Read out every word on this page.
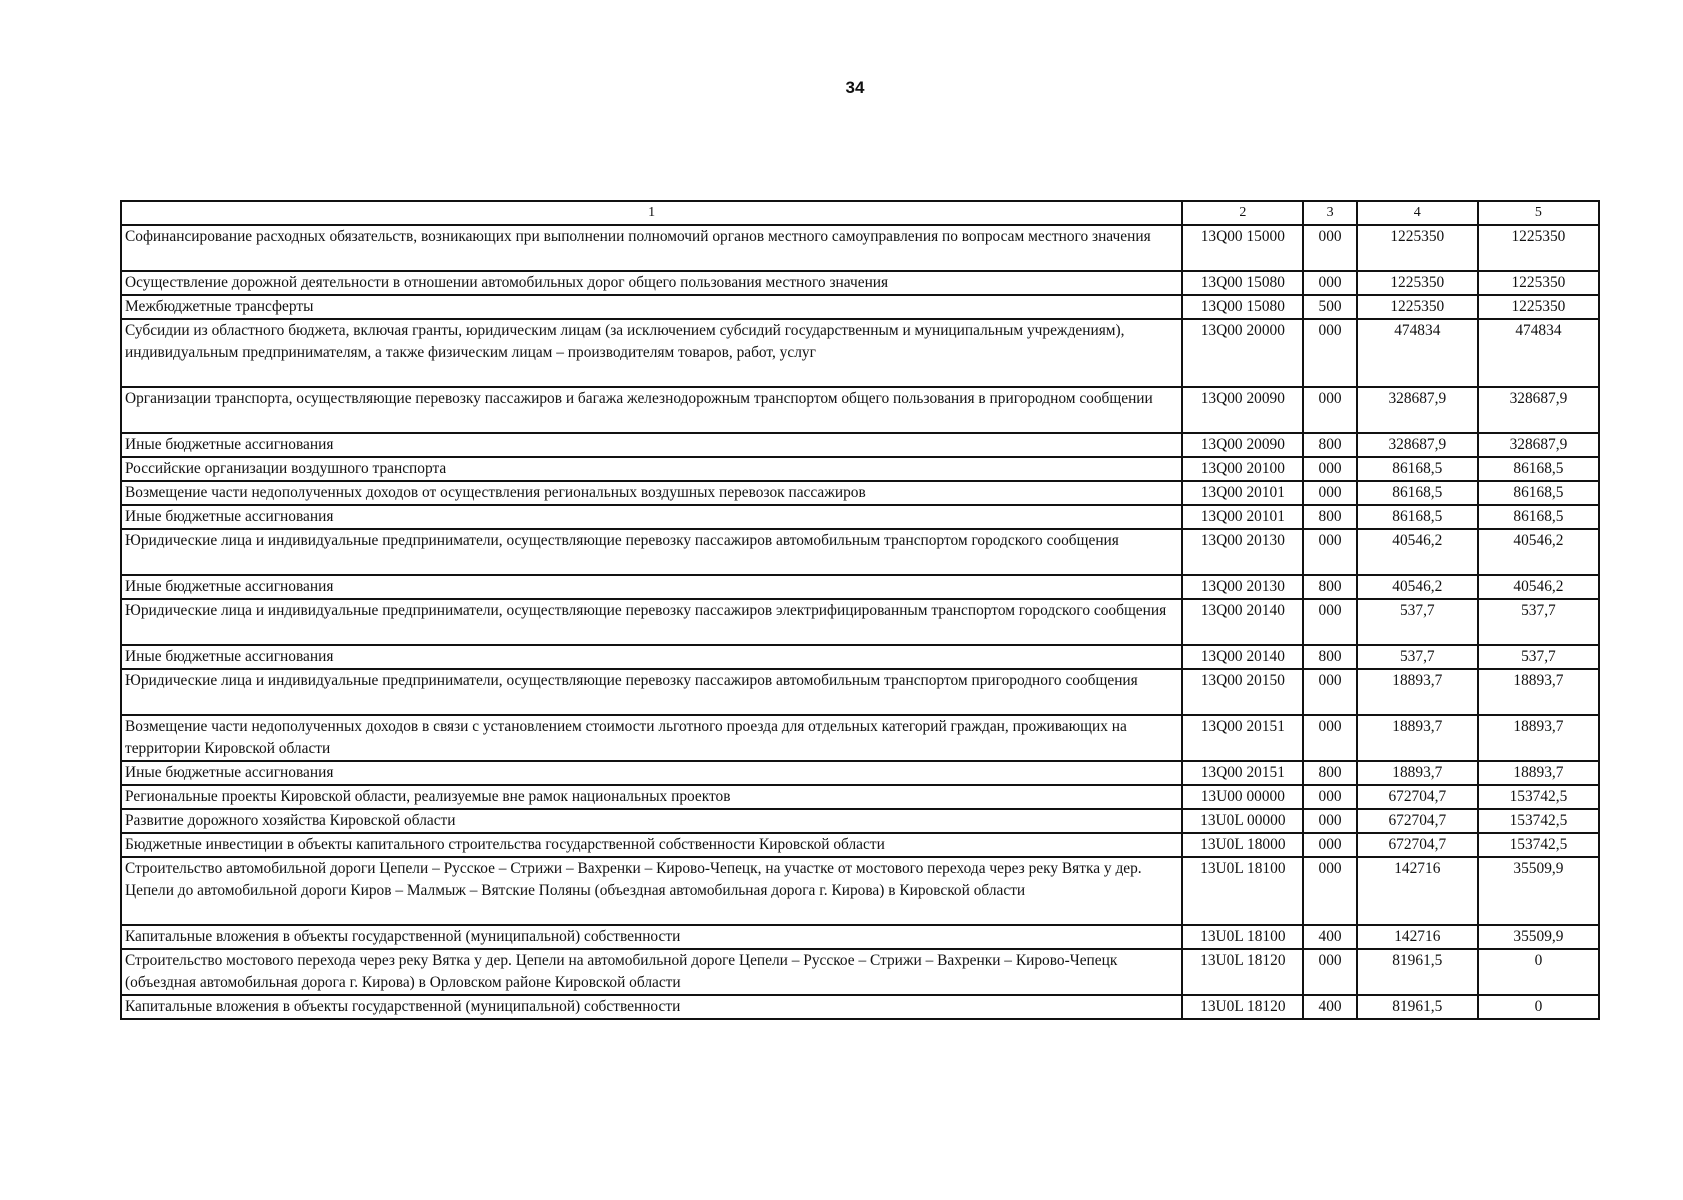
34
1	2	3	4	5
Софинансирование расходных обязательств, возникающих при выполнении полномочий органов местного самоуправления по вопросам местного значения	13Q00 15000	000	1225350	1225350
Осуществление дорожной деятельности в отношении автомобильных дорог общего пользования местного значения	13Q00 15080	000	1225350	1225350
Межбюджетные трансферты	13Q00 15080	500	1225350	1225350
Субсидии из областного бюджета, включая гранты, юридическим лицам (за исключением субсидий государственным и муниципальным учреждениям), индивидуальным предпринимателям, а также физическим лицам – производителям товаров, работ, услуг	13Q00 20000	000	474834	474834
Организации транспорта, осуществляющие перевозку пассажиров и багажа железнодорожным транспортом общего пользования в пригородном сообщении	13Q00 20090	000	328687,9	328687,9
Иные бюджетные ассигнования	13Q00 20090	800	328687,9	328687,9
Российские организации воздушного транспорта	13Q00 20100	000	86168,5	86168,5
Возмещение части недополученных доходов от осуществления региональных воздушных перевозок пассажиров	13Q00 20101	000	86168,5	86168,5
Иные бюджетные ассигнования	13Q00 20101	800	86168,5	86168,5
Юридические лица и индивидуальные предприниматели, осуществляющие перевозку пассажиров автомобильным транспортом городского сообщения	13Q00 20130	000	40546,2	40546,2
Иные бюджетные ассигнования	13Q00 20130	800	40546,2	40546,2
Юридические лица и индивидуальные предприниматели, осуществляющие перевозку пассажиров электрифицированным транспортом городского сообщения	13Q00 20140	000	537,7	537,7
Иные бюджетные ассигнования	13Q00 20140	800	537,7	537,7
Юридические лица и индивидуальные предприниматели, осуществляющие перевозку пассажиров автомобильным транспортом пригородного сообщения	13Q00 20150	000	18893,7	18893,7
Возмещение части недополученных доходов в связи с установлением стоимости льготного проезда для отдельных категорий граждан, проживающих на территории Кировской области	13Q00 20151	000	18893,7	18893,7
Иные бюджетные ассигнования	13Q00 20151	800	18893,7	18893,7
Региональные проекты Кировской области, реализуемые вне рамок национальных проектов	13U00 00000	000	672704,7	153742,5
Развитие дорожного хозяйства Кировской области	13U0L 00000	000	672704,7	153742,5
Бюджетные инвестиции в объекты капитального строительства государственной собственности Кировской области	13U0L 18000	000	672704,7	153742,5
Строительство автомобильной дороги Цепели – Русское – Стрижи – Вахренки – Кирово-Чепецк, на участке от мостового перехода через реку Вятка у дер. Цепели до автомобильной дороги Киров – Малмыж – Вятские Поляны (объездная автомобильная дорога г. Кирова) в Кировской области	13U0L 18100	000	142716	35509,9
Капитальные вложения в объекты государственной (муниципальной) собственности	13U0L 18100	400	142716	35509,9
Строительство мостового перехода через реку Вятка у дер. Цепели на автомобильной дороге Цепели – Русское – Стрижи – Вахренки – Кирово-Чепецк (объездная автомобильная дорога г. Кирова) в Орловском районе Кировской области	13U0L 18120	000	81961,5	0
Капитальные вложения в объекты государственной (муниципальной) собственности	13U0L 18120	400	81961,5	0
